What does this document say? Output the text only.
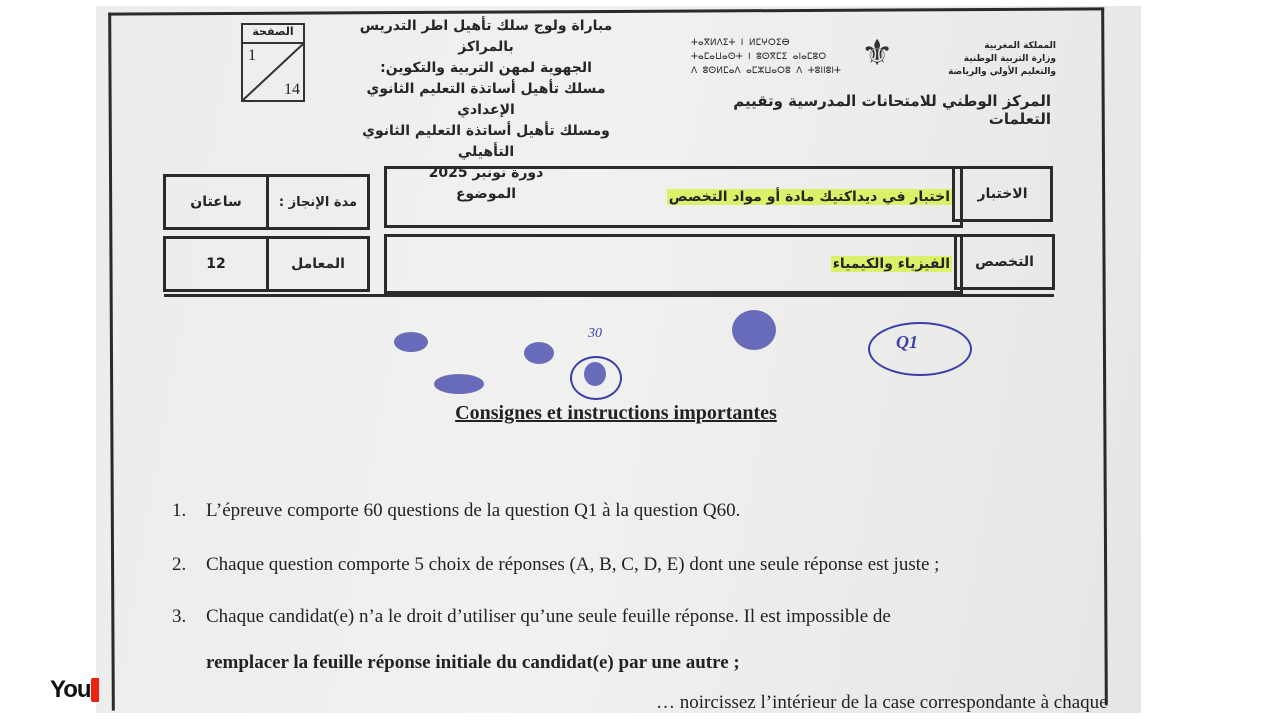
الصفحة
1
14
مباراة ولوج سلك تأهيل اطر التدريس بالمراكز
الجهوية لمهن التربية والتكوين:
مسلك تأهيل أساتذة التعليم الثانوي الإعدادي
ومسلك تأهيل أساتذة التعليم الثانوي التأهيلي
دورة نونبر 2025
الموضوع
ⵜⴰⴳⵍⴷⵉⵜ ⵏ ⵍⵎⵖⵔⵉⴱ
ⵜⴰⵎⴰⵡⴰⵙⵜ ⵏ ⵓⵙⴳⵎⵉ ⴰⵏⴰⵎⵓⵔ
ⴷ ⵓⵙⵍⵎⴰⴷ ⴰⵎⵣⵡⴰⵔⵓ ⴷ ⵜⵓⵏⵏⵓⵏⵜ ⚜	المملكة المغربية
وزارة التربية الوطنية
والتعليم الأولي والرياضة
المركز الوطني للامتحانات المدرسية وتقييم التعلمات
ساعتان	مدة الإنجاز :	اختبار في ديداكتيك مادة أو مواد التخصص	الاختبار
12	المعامل	الفيزياء والكيمياء	التخصص
30	Q1
Consignes et instructions importantes
1. L’épreuve comporte 60 questions de la question Q1 à la question Q60.
2. Chaque question comporte 5 choix de réponses (A, B, C, D, E) dont une seule réponse est juste ;
3. Chaque candidat(e) n’a le droit d’utiliser qu’une seule feuille réponse. Il est impossible de
remplacer la feuille réponse initiale du candidat(e) par une autre ;
… noircissez l’intérieur de la case correspondante à chaque
You
